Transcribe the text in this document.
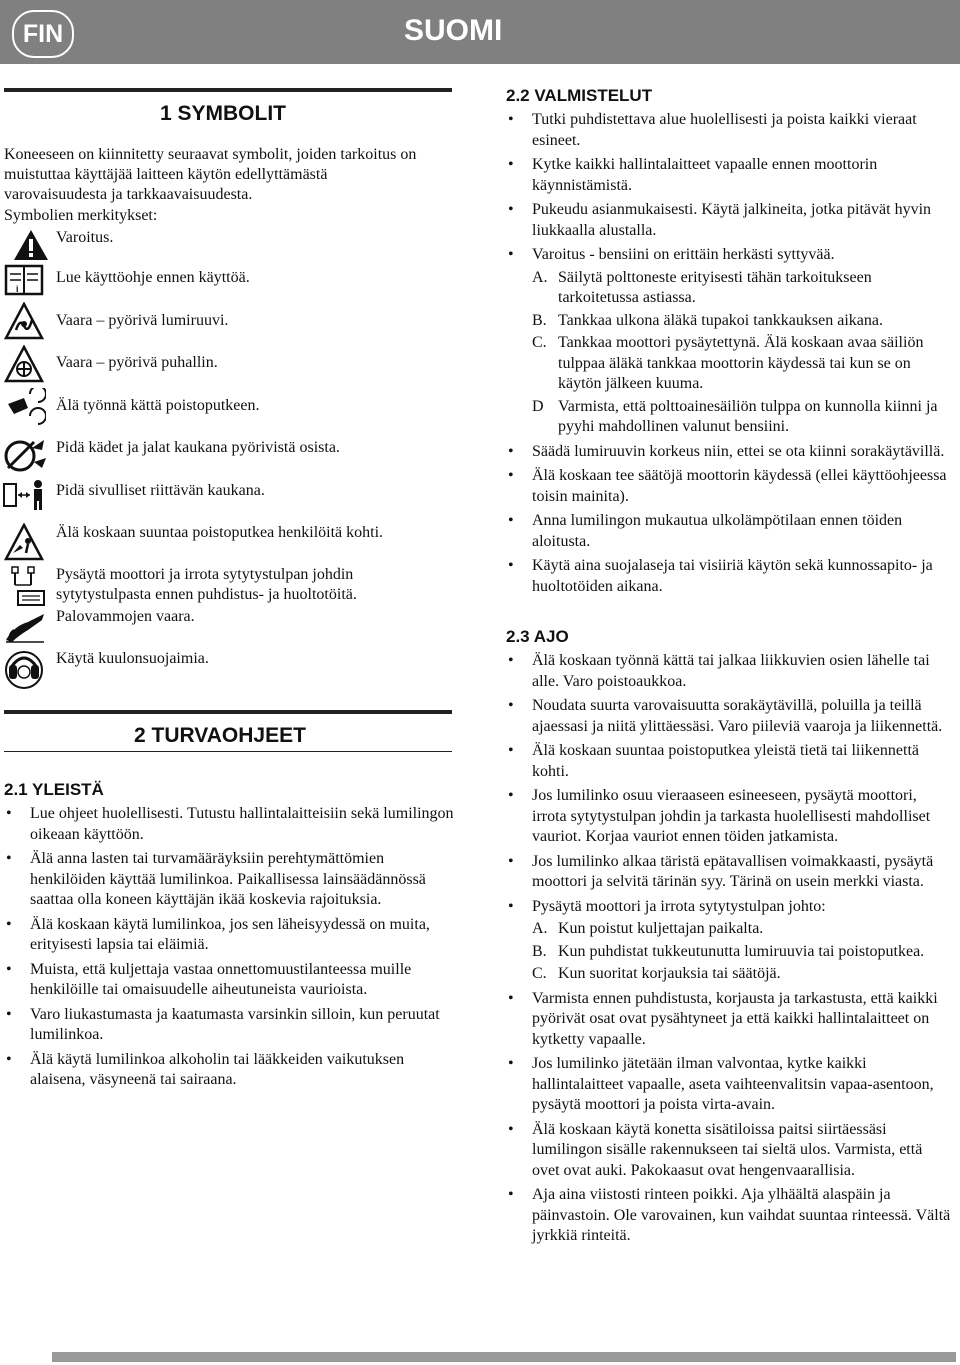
FIN	SUOMI
1 SYMBOLIT

Koneeseen on kiinnitetty seuraavat symbolit, joiden tarkoitus on muistuttaa käyttäjää laitteen käytön edellyttämästä varovaisuudesta ja tarkkaavaisuudesta.

Symbolien merkitykset:

i
Varoitus.
Lue käyttöohje ennen käyttöä.
Vaara – pyörivä lumiruuvi.
Vaara – pyörivä puhallin.
Älä työnnä kättä poistoputkeen.
Pidä kädet ja jalat kaukana pyörivistä osista.
Pidä sivulliset riittävän kaukana.
Älä koskaan suuntaa poistoputkea henkilöitä kohti.
Pysäytä moottori ja irrota sytytystulpan johdin sytytystulpasta ennen puhdistus- ja huoltotöitä.
Palovammojen vaara.
Käytä kuulonsuojaimia.
2 TURVAOHJEET
2.1 YLEISTÄ
• Lue ohjeet huolellisesti. Tutustu hallintalaitteisiin sekä lumilingon oikeaan käyttöön.
• Älä anna lasten tai turvamääräyksiin perehtymättömien henkilöiden käyttää lumilinkoa. Paikallisessa lainsäädännössä saattaa olla koneen käyttäjän ikää koskevia rajoituksia.
• Älä koskaan käytä lumilinkoa, jos sen läheisyydessä on muita, erityisesti lapsia tai eläimiä.
• Muista, että kuljettaja vastaa onnettomuustilanteessa muille henkilöille tai omaisuudelle aiheutuneista vaurioista.
• Varo liukastumasta ja kaatumasta varsinkin silloin, kun peruutat lumilinkoa.
• Älä käytä lumilinkoa alkoholin tai lääkkeiden vaikutuksen alaisena, väsyneenä tai sairaana.
2.2 VALMISTELUT
• Tutki puhdistettava alue huolellisesti ja poista kaikki vieraat esineet.
• Kytke kaikki hallintalaitteet vapaalle ennen moottorin käynnistämistä.
• Pukeudu asianmukaisesti. Käytä jalkineita, jotka pitävät hyvin liukkaalla alustalla.
• Varoitus - bensiini on erittäin herkästi syttyvää.
A. Säilytä polttoneste erityisesti tähän tarkoitukseen tarkoitetussa astiassa.
B. Tankkaa ulkona äläkä tupakoi tankkauksen aikana.
C. Tankkaa moottori pysäytettynä. Älä koskaan avaa säiliön tulppaa äläkä tankkaa moottorin käydessä tai kun se on käytön jälkeen kuuma.
D Varmista, että polttoainesäiliön tulppa on kunnolla kiinni ja pyyhi mahdollinen valunut bensiini.
• Säädä lumiruuvin korkeus niin, ettei se ota kiinni sorakäytävillä.
• Älä koskaan tee säätöjä moottorin käydessä (ellei käyttöohjeessa toisin mainita).
• Anna lumilingon mukautua ulkolämpötilaan ennen töiden aloitusta.
• Käytä aina suojalaseja tai visiiriä käytön sekä kunnossapito- ja huoltotöiden aikana.
2.3 AJO
• Älä koskaan työnnä kättä tai jalkaa liikkuvien osien lähelle tai alle. Varo poistoaukkoa.
• Noudata suurta varovaisuutta sorakäytävillä, poluilla ja teillä ajaessasi ja niitä ylittäessäsi. Varo piileviä vaaroja ja liikennettä.
• Älä koskaan suuntaa poistoputkea yleistä tietä tai liikennettä kohti.
• Jos lumilinko osuu vieraaseen esineeseen, pysäytä moottori, irrota sytytystulpan johdin ja tarkasta huolellisesti mahdolliset vauriot. Korjaa vauriot ennen töiden jatkamista.
• Jos lumilinko alkaa täristä epätavallisen voimakkaasti, pysäytä moottori ja selvitä tärinän syy. Tärinä on usein merkki viasta.
• Pysäytä moottori ja irrota sytytystulpan johto:
A. Kun poistut kuljettajan paikalta.
B. Kun puhdistat tukkeutunutta lumiruuvia tai poistoputkea.
C. Kun suoritat korjauksia tai säätöjä.
• Varmista ennen puhdistusta, korjausta ja tarkastusta, että kaikki pyörivät osat ovat pysähtyneet ja että kaikki hallintalaitteet on kytketty vapaalle.
• Jos lumilinko jätetään ilman valvontaa, kytke kaikki hallintalaitteet vapaalle, aseta vaihteenvalitsin vapaa-asentoon, pysäytä moottori ja poista virta-avain.
• Älä koskaan käytä konetta sisätiloissa paitsi siirtäessäsi lumilingon sisälle rakennukseen tai sieltä ulos. Varmista, että ovet ovat auki. Pakokaasut ovat hengenvaarallisia.
• Aja aina viistosti rinteen poikki. Aja ylhäältä alaspäin ja päinvastoin. Ole varovainen, kun vaihdat suuntaa rinteessä. Vältä jyrkkiä rinteitä.
